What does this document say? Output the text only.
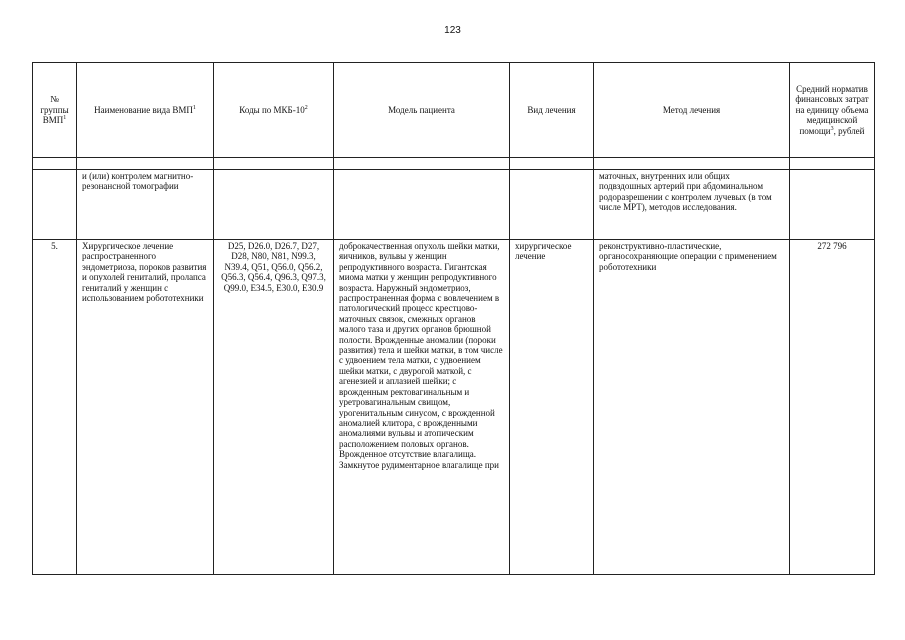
123
№
группы
ВМП$^1$	Наименование вида ВМП$^1$	Коды по МКБ-$10^2$	Модель пациента	Вид лечения	Метод лечения	Средний норматив финансовых затрат на единицу объема медицинской помощи$^3$, рублей

	и (или) контролем магнитно-резонансной томографии				маточных, внутренних или общих подвздошных артерий при абдоминальном родоразрешении с контролем лучевых (в том числе МРТ), методов исследования.	
5.	Хирургическое лечение распространенного эндометриоза, пороков развития и опухолей гениталий, пролапса гениталий у женщин с использованием робототехники	D25, D26.0, D26.7, D27, D28, N80, N81, N99.3, N39.4, Q51, Q56.0, Q56.2, Q56.3, Q56.4, Q96.3, Q97.3, Q99.0, E34.5, E30.0, E30.9	доброкачественная опухоль шейки матки, яичников, вульвы у женщин репродуктивного возраста. Гигантская миома матки у женщин репродуктивного возраста. Наружный эндометриоз, распространенная форма с вовлечением в патологический процесс крестцово-маточных связок, смежных органов малого таза и других органов брюшной полости. Врожденные аномалии (пороки развития) тела и шейки матки, в том числе с удвоением тела матки, с удвоением шейки матки, с двурогой маткой, с агенезией и аплазией шейки; с врожденным ректовагинальным и уретровагинальным свищом, урогенитальным синусом, с врожденной аномалией клитора, с врожденными аномалиями вульвы и атопическим расположением половых органов. Врожденное отсутствие влагалища. Замкнутое рудиментарное влагалище при	хирургическое лечение	реконструктивно-пластические, органосохраняющие операции с применением робототехники	272 796
